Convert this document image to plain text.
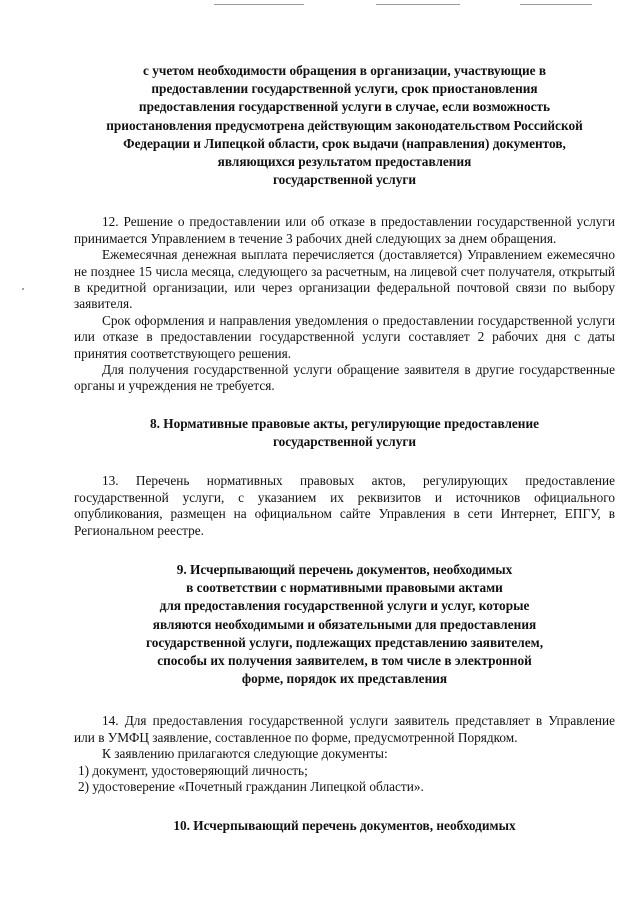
с учетом необходимости обращения в организации, участвующие в
предоставлении государственной услуги, срок приостановления
предоставления государственной услуги в случае, если возможность
приостановления предусмотрена действующим законодательством Российской
Федерации и Липецкой области, срок выдачи (направления) документов,
являющихся результатом предоставления
государственной услуги

12. Решение о предоставлении или об отказе в предоставлении государственной услуги принимается Управлением в течение 3 рабочих дней следующих за днем обращения.

Ежемесячная денежная выплата перечисляется (доставляется) Управлением ежемесячно не позднее 15 числа месяца, следующего за расчетным, на лицевой счет получателя, открытый в кредитной организации, или через организации федеральной почтовой связи по выбору заявителя.

Срок оформления и направления уведомления о предоставлении государственной услуги или отказе в предоставлении государственной услуги составляет 2 рабочих дня с даты принятия соответствующего решения.

Для получения государственной услуги обращение заявителя в другие государственные органы и учреждения не требуется.

8. Нормативные правовые акты, регулирующие предоставление
государственной услуги

13. Перечень нормативных правовых актов, регулирующих предоставление государственной услуги, с указанием их реквизитов и источников официального опубликования, размещен на официальном сайте Управления в сети Интернет, ЕПГУ, в Региональном реестре.

9. Исчерпывающий перечень документов, необходимых
в соответствии с нормативными правовыми актами
для предоставления государственной услуги и услуг, которые
являются необходимыми и обязательными для предоставления
государственной услуги, подлежащих представлению заявителем,
способы их получения заявителем, в том числе в электронной
форме, порядок их представления

14. Для предоставления государственной услуги заявитель представляет в Управление или в УМФЦ заявление, составленное по форме, предусмотренной Порядком.

К заявлению прилагаются следующие документы:

1) документ, удостоверяющий личность;

2) удостоверение «Почетный гражданин Липецкой области».

10. Исчерпывающий перечень документов, необходимых
